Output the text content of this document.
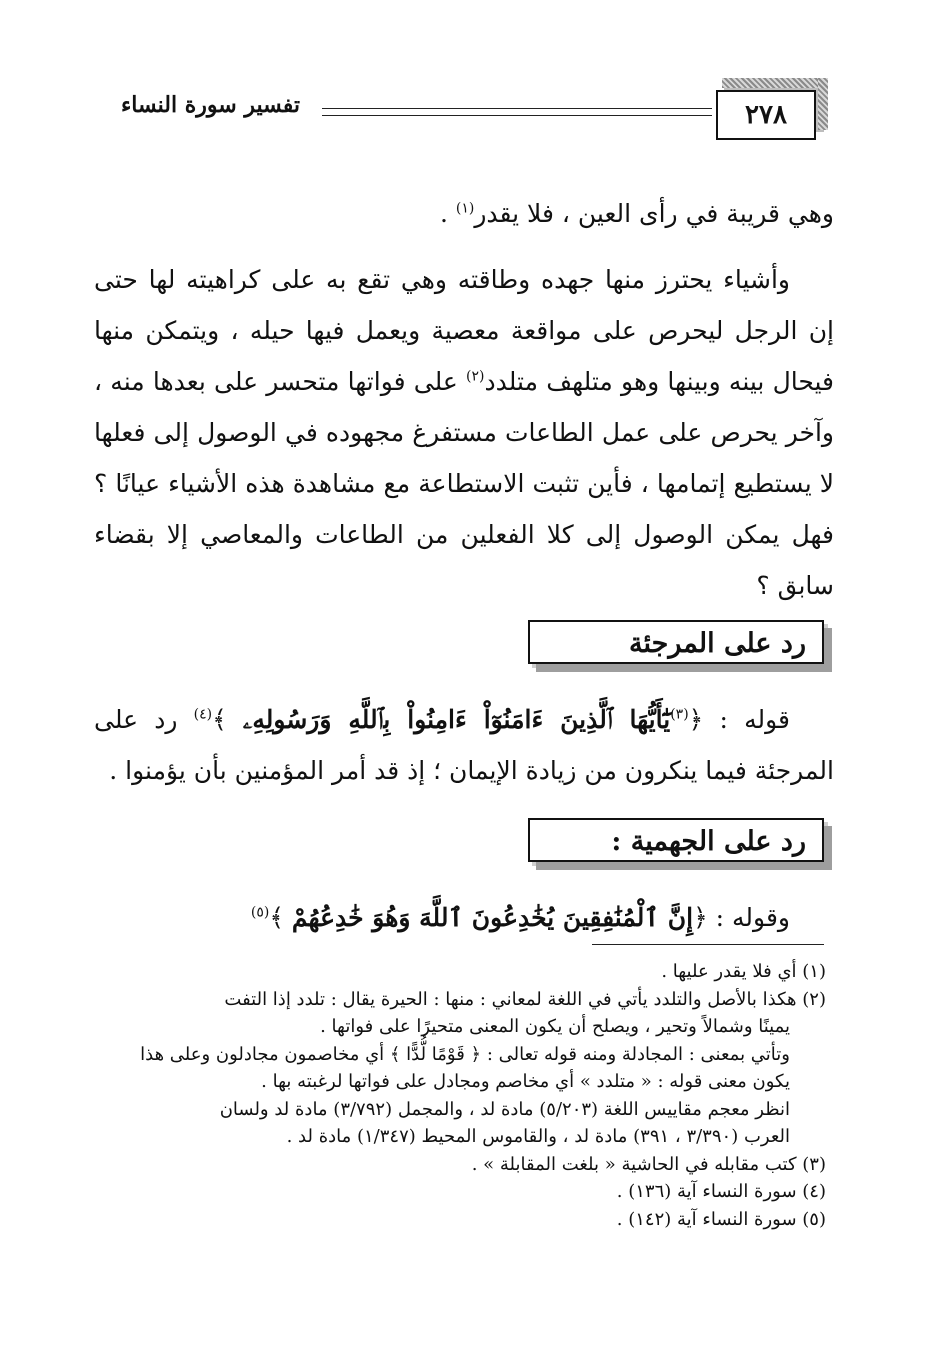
٢٧٨
تفسير سورة النساء
وهي قريبة في رأى العين ، فلا يقدر$^{(١)}$ .
وأشياء يحترز منها جهده وطاقته وهي تقع به على كراهيته لها حتى إن الرجل ليحرص على مواقعة معصية ويعمل فيها حيله ، ويتمكن منها فيحال بينه وبينها وهو متلهف متلدد$^{(٢)}$ على فواتها متحسر على بعدها منه ، وآخر يحرص على عمل الطاعات مستفرغ مجهوده في الوصول إلى فعلها لا يستطيع إتمامها ، فأين تثبت الاستطاعة مع مشاهدة هذه الأشياء عيانًا ؟ فهل يمكن الوصول إلى كلا الفعلين من الطاعات والمعاصي إلا بقضاء سابق ؟
رد على المرجئة
قوله : ﴿$^{(٣)}$يَٰٓأَيُّهَا ٱلَّذِينَ ءَامَنُوٓاْ ءَامِنُواْ بِٱللَّهِ وَرَسُولِهِۦ ﴾$^{(٤)}$ رد على المرجئة فيما ينكرون من زيادة الإيمان ؛ إذ قد أمر المؤمنين بأن يؤمنوا .
رد على الجهمية :
وقوله : ﴿إِنَّ ٱلْمُنَٰفِقِينَ يُخَٰدِعُونَ ٱللَّهَ وَهُوَ خَٰدِعُهُمْ ﴾$^{(٥)}$

(١) أي فلا يقدر عليها .

(٢) هكذا بالأصل والتلدد يأتي في اللغة لمعاني : منها : الحيرة يقال : تلدد إذا التفت

يمينًا وشمالاً وتحير ، ويصلح أن يكون المعنى متحيرًا على فواتها .

وتأتي بمعنى : المجادلة ومنه قوله تعالى : ﴿ قَوْمًا لُّدًّا ﴾ أي مخاصمون مجادلون وعلى هذا

يكون معنى قوله : « متلدد » أي مخاصم ومجادل على فواتها لرغبته بها .

انظر معجم مقاييس اللغة (٥/٢٠٣) مادة لد ، والمجمل (٣/٧٩٢) مادة لد ولسان

العرب (٣/٣٩٠ ، ٣٩١) مادة لد ، والقاموس المحيط (١/٣٤٧) مادة لد .

(٣) كتب مقابله في الحاشية « بلغت المقابلة » .

(٤) سورة النساء آية (١٣٦) .

(٥) سورة النساء آية (١٤٢) .
